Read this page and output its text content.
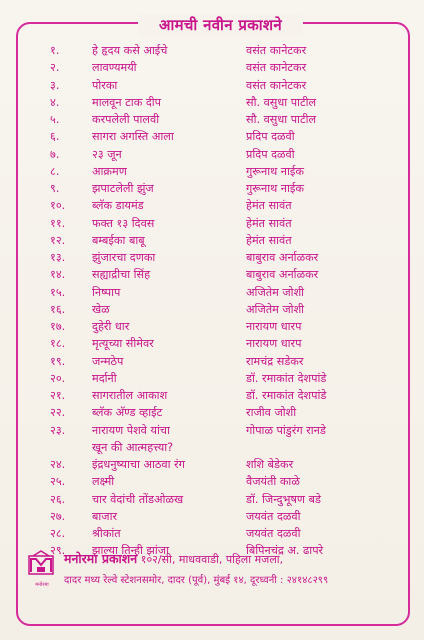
आमची नवीन प्रकाशने
१.	हे हृदय कसे आईचे	वसंत कानेटकर
२.	लावण्यमयी	वसंत कानेटकर
३.	पोरका	वसंत कानेटकर
४.	मालवून टाक दीप	सौ. वसुधा पाटील
५.	करपलेली पालवी	सौ. वसुधा पाटील
६.	सागरा अगस्ति आला	प्रदिप दळवी
७.	२३ जून	प्रदिप दळवी
८.	आक्रमण	गुरूनाथ नाईक
९.	झपाटलेली झुंज	गुरूनाथ नाईक
१०.	ब्लॅक डायमंड	हेमंत सावंत
११.	फक्त १३ दिवस	हेमंत सावंत
१२.	बम्बईका बाबू	हेमंत सावंत
१३.	झुंजारचा दणका	बाबुराव अर्नाळकर
१४.	सह्याद्रीचा सिंह	बाबुराव अर्नाळकर
१५.	निष्पाप	अजितेम जोशी
१६.	खेळ	अजितेम जोशी
१७.	दुहेरी धार	नारायण धारप
१८.	मृत्यूच्या सीमेवर	नारायण धारप
१९.	जन्मठेप	रामचंद्र सडेकर
२०.	मर्दानी	डॉ. रमाकांत देशपांडे
२१.	सागरातील आकाश	डॉ. रमाकांत देशपांडे
२२.	ब्लॅक अ‍ॅण्ड व्हाईट	राजीव जोशी
२३.	नारायण पेशवे यांचा	गोपाळ पांडुरंग रानडे
खून की आत्महत्त्या?
२४.	इंद्रधनुष्याचा आठवा रंग	शशि बेडेकर
२५.	लक्ष्मी	वैजयंती काळे
२६.	चार वेदांची तोंडओळख	डॉ. जिन्दुभूषण बडे
२७.	बाजार	जयवंत दळवी
२८.	श्रीकांत	जयवंत दळवी
२९.	झाल्या तिन्ही झांजा	बिपिनचंद्र अ. ढापरे
मनोरमा
मनोरमा प्रकाशन १०२/सी, माधववाडी, पहिला मजला,
दादर मध्य रेल्वे स्टेशनसमोर, दादर (पूर्व), मुंबई १४, दूरध्वनी : २४१४८२९९
